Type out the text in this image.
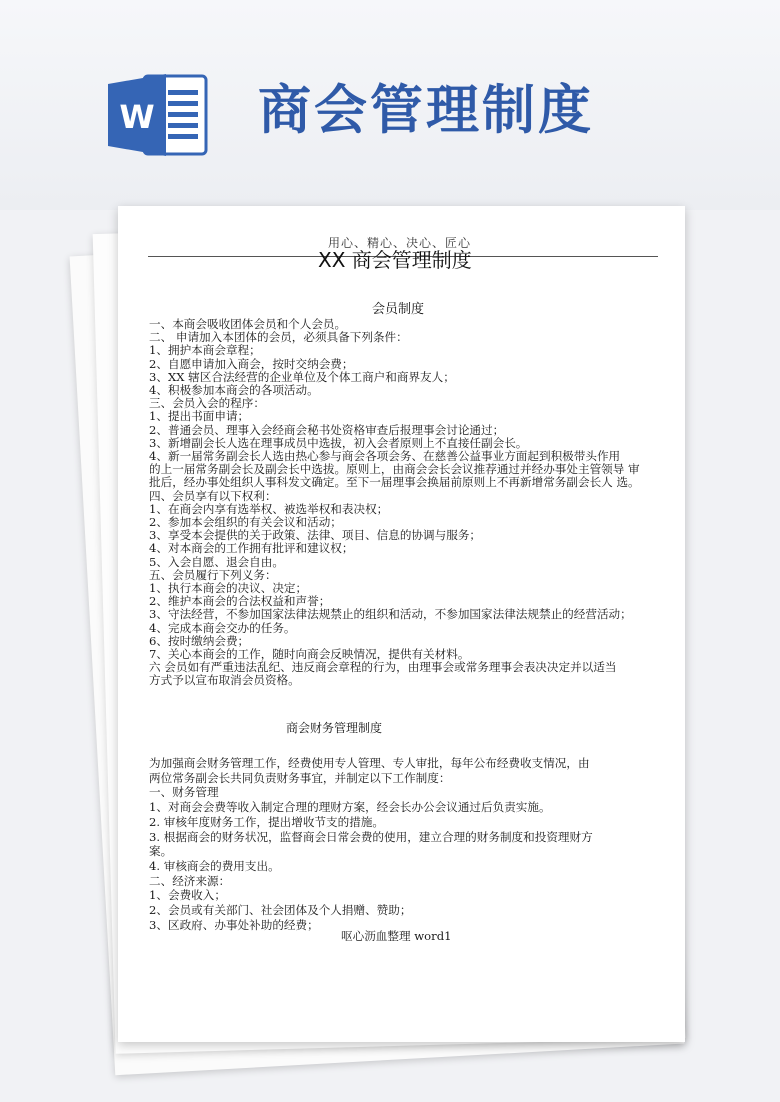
W 商会管理制度
用心、精心、决心、匠心
XX 商会管理制度
会员制度
一、本商会吸收团体会员和个人会员。
二、 申请加入本团体的会员，必须具备下列条件：
1、拥护本商会章程；
2、自愿申请加入商会，按时交纳会费；
3、XX 辖区合法经营的企业单位及个体工商户和商界友人；
4、积极参加本商会的各项活动。
三、会员入会的程序：
1、提出书面申请；
2、普通会员、理事入会经商会秘书处资格审查后报理事会讨论通过；
3、新增副会长人选在理事成员中选拔，初入会者原则上不直接任副会长。
4、新一届常务副会长人选由热心参与商会各项会务、在慈善公益事业方面起到积极带头作用
的上一届常务副会长及副会长中选拔。原则上，由商会会长会议推荐通过并经办事处主管领导 审
批后，经办事处组织人事科发文确定。至下一届理事会换届前原则上不再新增常务副会长人 选。
四、会员享有以下权利：
1、在商会内享有选举权、被选举权和表决权；
2、参加本会组织的有关会议和活动；
3、享受本会提供的关于政策、法律、项目、信息的协调与服务；
4、对本商会的工作拥有批评和建议权；
5、入会自愿、退会自由。
五、会员履行下列义务：
1、执行本商会的决议、决定；
2、维护本商会的合法权益和声誉；
3、守法经营，不参加国家法律法规禁止的组织和活动，不参加国家法律法规禁止的经营活动；
4、完成本商会交办的任务。
6、按时缴纳会费；
7、关心本商会的工作，随时向商会反映情况，提供有关材料。
六 会员如有严重违法乱纪、违反商会章程的行为，由理事会或常务理事会表决决定并以适当
方式予以宣布取消会员资格。
商会财务管理制度
为加强商会财务管理工作，经费使用专人管理、专人审批，每年公布经费收支情况，由
两位常务副会长共同负责财务事宜，并制定以下工作制度：
一、财务管理
1、对商会会费等收入制定合理的理财方案，经会长办公会议通过后负责实施。
2. 审核年度财务工作，提出增收节支的措施。
3. 根据商会的财务状况，监督商会日常会费的使用，建立合理的财务制度和投资理财方
案。
4. 审核商会的费用支出。
二、经济来源：
1、会费收入；
2、会员或有关部门、社会团体及个人捐赠、赞助；
3、区政府、办事处补助的经费；
呕心沥血整理 word1
